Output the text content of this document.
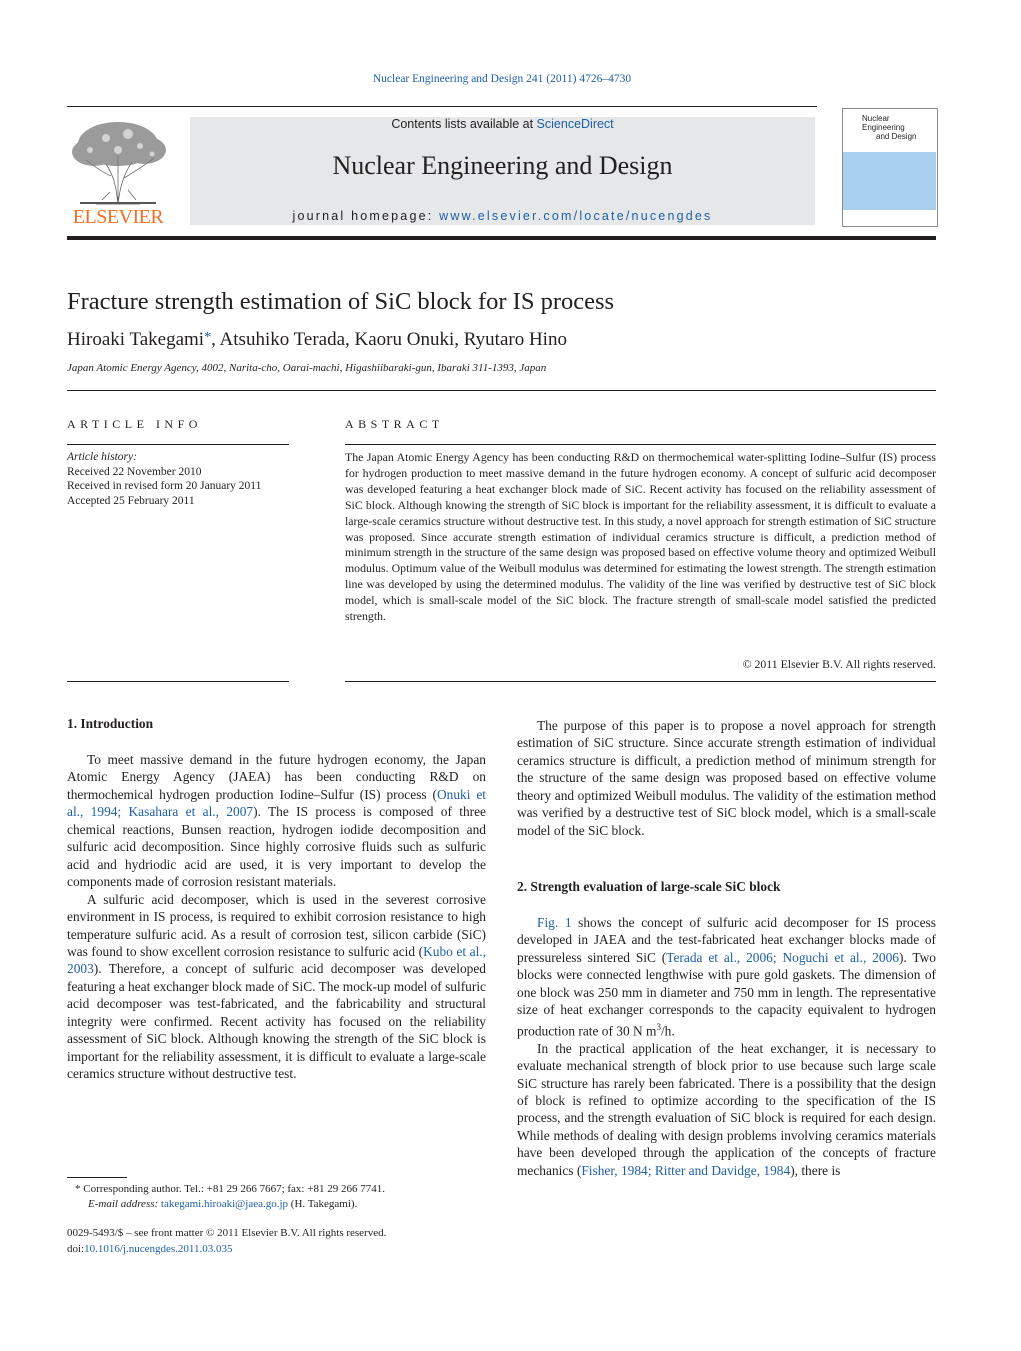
Nuclear Engineering and Design 241 (2011) 4726–4730
ELSEVIER
Contents lists available at ScienceDirect
Nuclear Engineering and Design
journal homepage: www.elsevier.com/locate/nucengdes
Nuclear Engineering
and Design
Fracture strength estimation of SiC block for IS process
Hiroaki Takegami*, Atsuhiko Terada, Kaoru Onuki, Ryutaro Hino
Japan Atomic Energy Agency, 4002, Narita-cho, Oarai-machi, Higashiibaraki-gun, Ibaraki 311-1393, Japan
ARTICLE INFO	ABSTRACT
Article history:
Received 22 November 2010
Received in revised form 20 January 2011
Accepted 25 February 2011
The Japan Atomic Energy Agency has been conducting R&D on thermochemical water-splitting Iodine–Sulfur (IS) process for hydrogen production to meet massive demand in the future hydrogen economy. A concept of sulfuric acid decomposer was developed featuring a heat exchanger block made of SiC. Recent activity has focused on the reliability assessment of SiC block. Although knowing the strength of SiC block is important for the reliability assessment, it is difficult to evaluate a large-scale ceramics structure without destructive test. In this study, a novel approach for strength estimation of SiC structure was proposed. Since accurate strength estimation of individual ceramics structure is difficult, a prediction method of minimum strength in the structure of the same design was proposed based on effective volume theory and optimized Weibull modulus. Optimum value of the Weibull modulus was determined for estimating the lowest strength. The strength estimation line was developed by using the determined modulus. The validity of the line was verified by destructive test of SiC block model, which is small-scale model of the SiC block. The fracture strength of small-scale model satisfied the predicted strength.
© 2011 Elsevier B.V. All rights reserved.
1. Introduction

To meet massive demand in the future hydrogen economy, the Japan Atomic Energy Agency (JAEA) has been conducting R&D on thermochemical hydrogen production Iodine–Sulfur (IS) process (Onuki et al., 1994; Kasahara et al., 2007). The IS process is composed of three chemical reactions, Bunsen reaction, hydrogen iodide decomposition and sulfuric acid decomposition. Since highly corrosive fluids such as sulfuric acid and hydriodic acid are used, it is very important to develop the components made of corrosion resistant materials.

A sulfuric acid decomposer, which is used in the severest corrosive environment in IS process, is required to exhibit corrosion resistance to high temperature sulfuric acid. As a result of corrosion test, silicon carbide (SiC) was found to show excellent corrosion resistance to sulfuric acid (Kubo et al., 2003). Therefore, a concept of sulfuric acid decomposer was developed featuring a heat exchanger block made of SiC. The mock-up model of sulfuric acid decomposer was test-fabricated, and the fabricability and structural integrity were confirmed. Recent activity has focused on the reliability assessment of SiC block. Although knowing the strength of the SiC block is important for the reliability assessment, it is difficult to evaluate a large-scale ceramics structure without destructive test.

The purpose of this paper is to propose a novel approach for strength estimation of SiC structure. Since accurate strength estimation of individual ceramics structure is difficult, a prediction method of minimum strength for the structure of the same design was proposed based on effective volume theory and optimized Weibull modulus. The validity of the estimation method was verified by a destructive test of SiC block model, which is a small-scale model of the SiC block.

2. Strength evaluation of large-scale SiC block

Fig. 1 shows the concept of sulfuric acid decomposer for IS process developed in JAEA and the test-fabricated heat exchanger blocks made of pressureless sintered SiC (Terada et al., 2006; Noguchi et al., 2006). Two blocks were connected lengthwise with pure gold gaskets. The dimension of one block was 250 mm in diameter and 750 mm in length. The representative size of heat exchanger corresponds to the capacity equivalent to hydrogen production rate of 30 N $m^3/h$.

In the practical application of the heat exchanger, it is necessary to evaluate mechanical strength of block prior to use because such large scale SiC structure has rarely been fabricated. There is a possibility that the design of block is refined to optimize according to the specification of the IS process, and the strength evaluation of SiC block is required for each design. While methods of dealing with design problems involving ceramics materials have been developed through the application of the concepts of fracture mechanics (Fisher, 1984; Ritter and Davidge, 1984), there is

* Corresponding author. Tel.: +81 29 266 7667; fax: +81 29 266 7741.
E-mail address: takegami.hiroaki@jaea.go.jp (H. Takegami).
0029-5493/$ – see front matter © 2011 Elsevier B.V. All rights reserved.
doi:10.1016/j.nucengdes.2011.03.035
